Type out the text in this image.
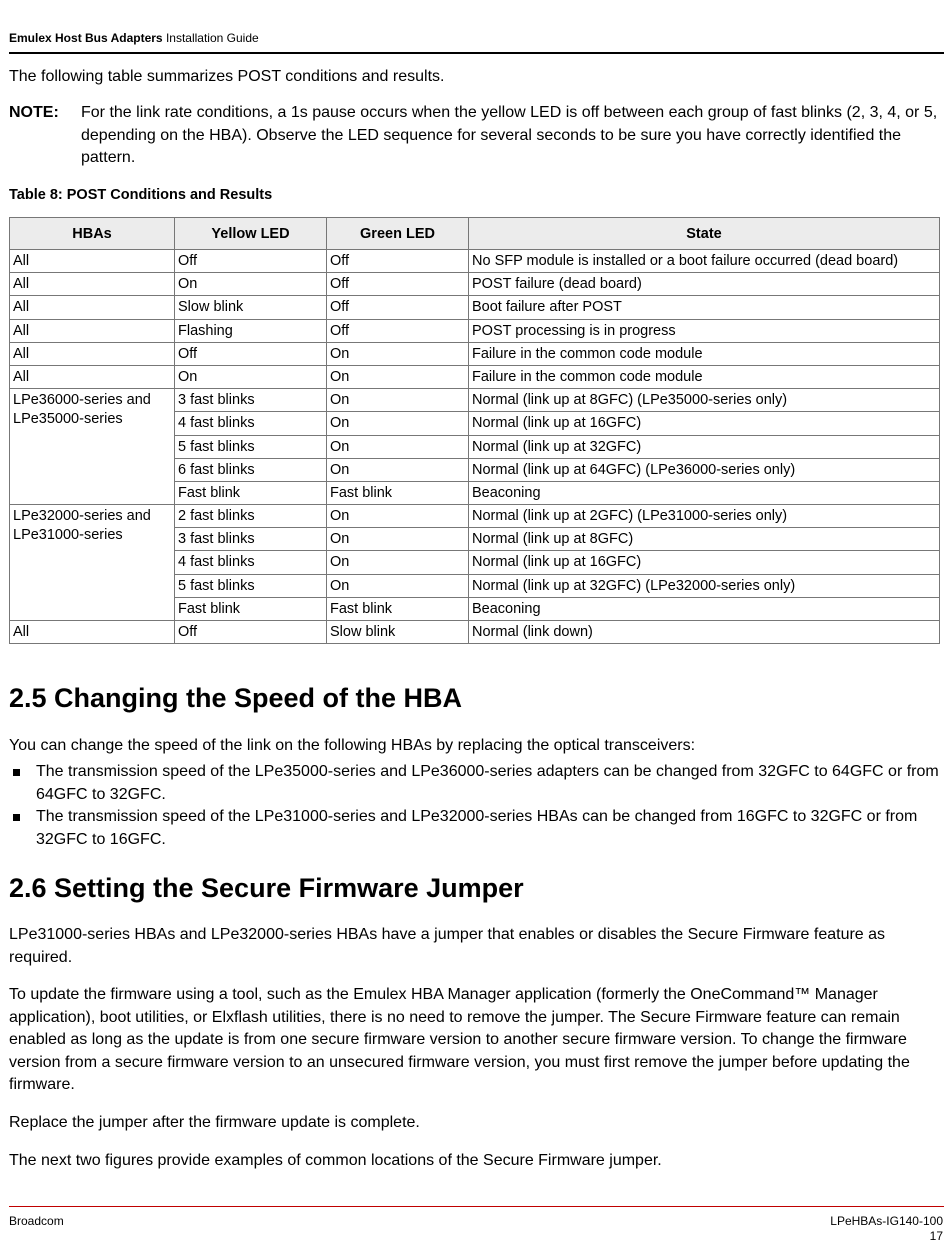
Emulex Host Bus Adapters Installation Guide
The following table summarizes POST conditions and results.
NOTE: For the link rate conditions, a 1s pause occurs when the yellow LED is off between each group of fast blinks (2, 3, 4, or 5, depending on the HBA). Observe the LED sequence for several seconds to be sure you have correctly identified the pattern.
Table 8: POST Conditions and Results
HBAs	Yellow LED	Green LED	State
All	Off	Off	No SFP module is installed or a boot failure occurred (dead board)
All	On	Off	POST failure (dead board)
All	Slow blink	Off	Boot failure after POST
All	Flashing	Off	POST processing is in progress
All	Off	On	Failure in the common code module
All	On	On	Failure in the common code module
LPe36000-series and LPe35000-series	3 fast blinks	On	Normal (link up at 8GFC) (LPe35000-series only)
	4 fast blinks	On	Normal (link up at 16GFC)
	5 fast blinks	On	Normal (link up at 32GFC)
	6 fast blinks	On	Normal (link up at 64GFC) (LPe36000-series only)
	Fast blink	Fast blink	Beaconing
LPe32000-series and LPe31000-series	2 fast blinks	On	Normal (link up at 2GFC) (LPe31000-series only)
	3 fast blinks	On	Normal (link up at 8GFC)
	4 fast blinks	On	Normal (link up at 16GFC)
	5 fast blinks	On	Normal (link up at 32GFC) (LPe32000-series only)
	Fast blink	Fast blink	Beaconing
All	Off	Slow blink	Normal (link down)
2.5 Changing the Speed of the HBA

You can change the speed of the link on the following HBAs by replacing the optical transceivers:

The transmission speed of the LPe35000-series and LPe36000-series adapters can be changed from 32GFC to 64GFC or from 64GFC to 32GFC.
The transmission speed of the LPe31000-series and LPe32000-series HBAs can be changed from 16GFC to 32GFC or from 32GFC to 16GFC.
2.6 Setting the Secure Firmware Jumper

LPe31000-series HBAs and LPe32000-series HBAs have a jumper that enables or disables the Secure Firmware feature as required.

To update the firmware using a tool, such as the Emulex HBA Manager application (formerly the OneCommand™ Manager application), boot utilities, or Elxflash utilities, there is no need to remove the jumper. The Secure Firmware feature can remain enabled as long as the update is from one secure firmware version to another secure firmware version. To change the firmware version from a secure firmware version to an unsecured firmware version, you must first remove the jumper before updating the firmware.

Replace the jumper after the firmware update is complete.

The next two figures provide examples of common locations of the Secure Firmware jumper.

Broadcom	LPeHBAs-IG140-100
17
